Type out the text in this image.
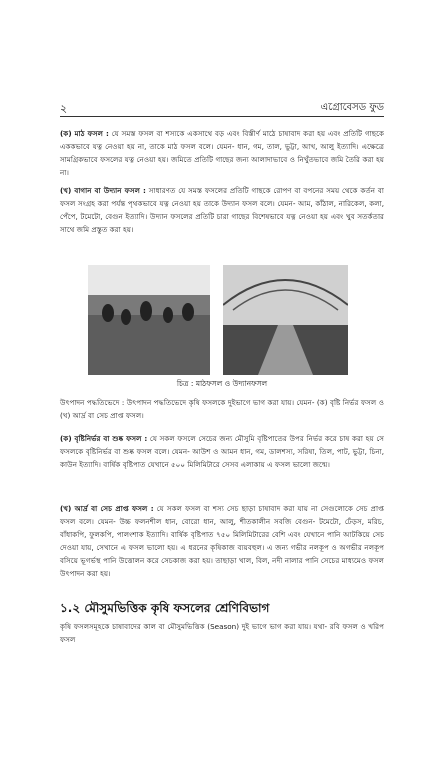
২	এগ্রোবেসড ফুড

(ক) মাঠ ফসল : যে সমস্ত ফসল বা শস্যকে একসাথে বড় এবং বিস্তীর্ণ মাঠে চাষাবাদ করা হয় এবং প্রতিটি গাছকে এককভাবে যত্ন নেওয়া হয় না, তাকে মাঠ ফসল বলে। যেমন- ধান, গম, তাল, ভুট্টা, আখ, আলু ইত্যাদি। এক্ষেত্রে সামগ্রিকভাবে ফসলের যত্ন নেওয়া হয়। জমিতে প্রতিটি গাছের জন্য আলাদাভাবে ও নিখুঁতভাবে জমি তৈরি করা হয় না।

(খ) বাগান বা উদ্যান ফসল : সাধারণত যে সমস্ত ফসলের প্রতিটি গাছকে রোপণ বা বপনের সময় থেকে কর্তন বা ফসল সংগ্রহ করা পর্যন্ত পৃথকভাবে যত্ন নেওয়া হয় তাকে উদ্যান ফসল বলে। যেমন- আম, কাঁঠাল, নারিকেল, কলা, পেঁপে, টমেটো, বেগুন ইত্যাদি। উদ্যান ফসলের প্রতিটি চারা গাছের বিশেষভাবে যত্ন নেওয়া হয় এবং খুব সতর্কতার সাথে জমি প্রস্তুত করা হয়।

চিত্র : মাঠফসল ও উদ্যানফসল

উৎপাদন পদ্ধতিভেদে : উৎপাদন পদ্ধতিভেদে কৃষি ফসলকে দুইভাগে ভাগ করা যায়। যেমন- (ক) বৃষ্টি নির্ভর ফসল ও (খ) আর্দ্র বা সেচ প্রাপ্ত ফসল।

(ক) বৃষ্টিনির্ভর বা শুষ্ক ফসল : যে সকল ফসলে সেচের জন্য মৌসুমি বৃষ্টিপাতের উপর নির্ভর করে চাষ করা হয় সে ফসলকে বৃষ্টিনির্ভর বা শুষ্ক ফসল বলে। যেমন- আউশ ও আমন ধান, গম, ডালশস্য, সরিষা, তিল, পাট, ভুট্টা, চিনা, কাউন ইত্যাদি। বার্ষিক বৃষ্টিপাত যেখানে ৫০০ মিলিমিটারে সেসব এলাকায় এ ফসল ভালো জন্মে।

(খ) আর্দ্র বা সেচ প্রাপ্ত ফসল : যে সকল ফসল বা শস্য সেচ ছাড়া চাষাবাদ করা যায় না সেগুলোকে সেচ প্রাপ্ত ফসল বলে। যেমন- উচ্চ ফলনশীল ধান, বোরো ধান, আলু, শীতকালীন সবজি বেগুন- টমেটো, ঢেঁড়স, মরিচ, বাঁধাকপি, ফুলকপি, পালংশাক ইত্যাদি। বার্ষিক বৃষ্টিপাত ৭৫০ মিলিমিটারের বেশি এবং যেখানে পানি আটকিয়ে সেচ দেওয়া যায়, সেখানে এ ফসল ভালো হয়। এ ধরনের কৃষিকাজ ব্যয়বহুল। এ জন্য গভীর নলকূপ ও অগভীর নলকূপ বসিয়ে ভূগর্ভস্থ পানি উত্তোলন করে সেচকাজ করা হয়। তাছাড়া খাল, বিল, নদী নালার পানি সেচের মাধ্যমেও ফসল উৎপাদন করা হয়।

১.২ মৌসুমভিত্তিক কৃষি ফসলের শ্রেণিবিভাগ

কৃষি ফসলসমূহকে চাষাবাদের কাল বা মৌসুমভিত্তিক (Season) দুই ভাগে ভাগ করা যায়। যথা- রবি ফসল ও খরিপ ফসল
